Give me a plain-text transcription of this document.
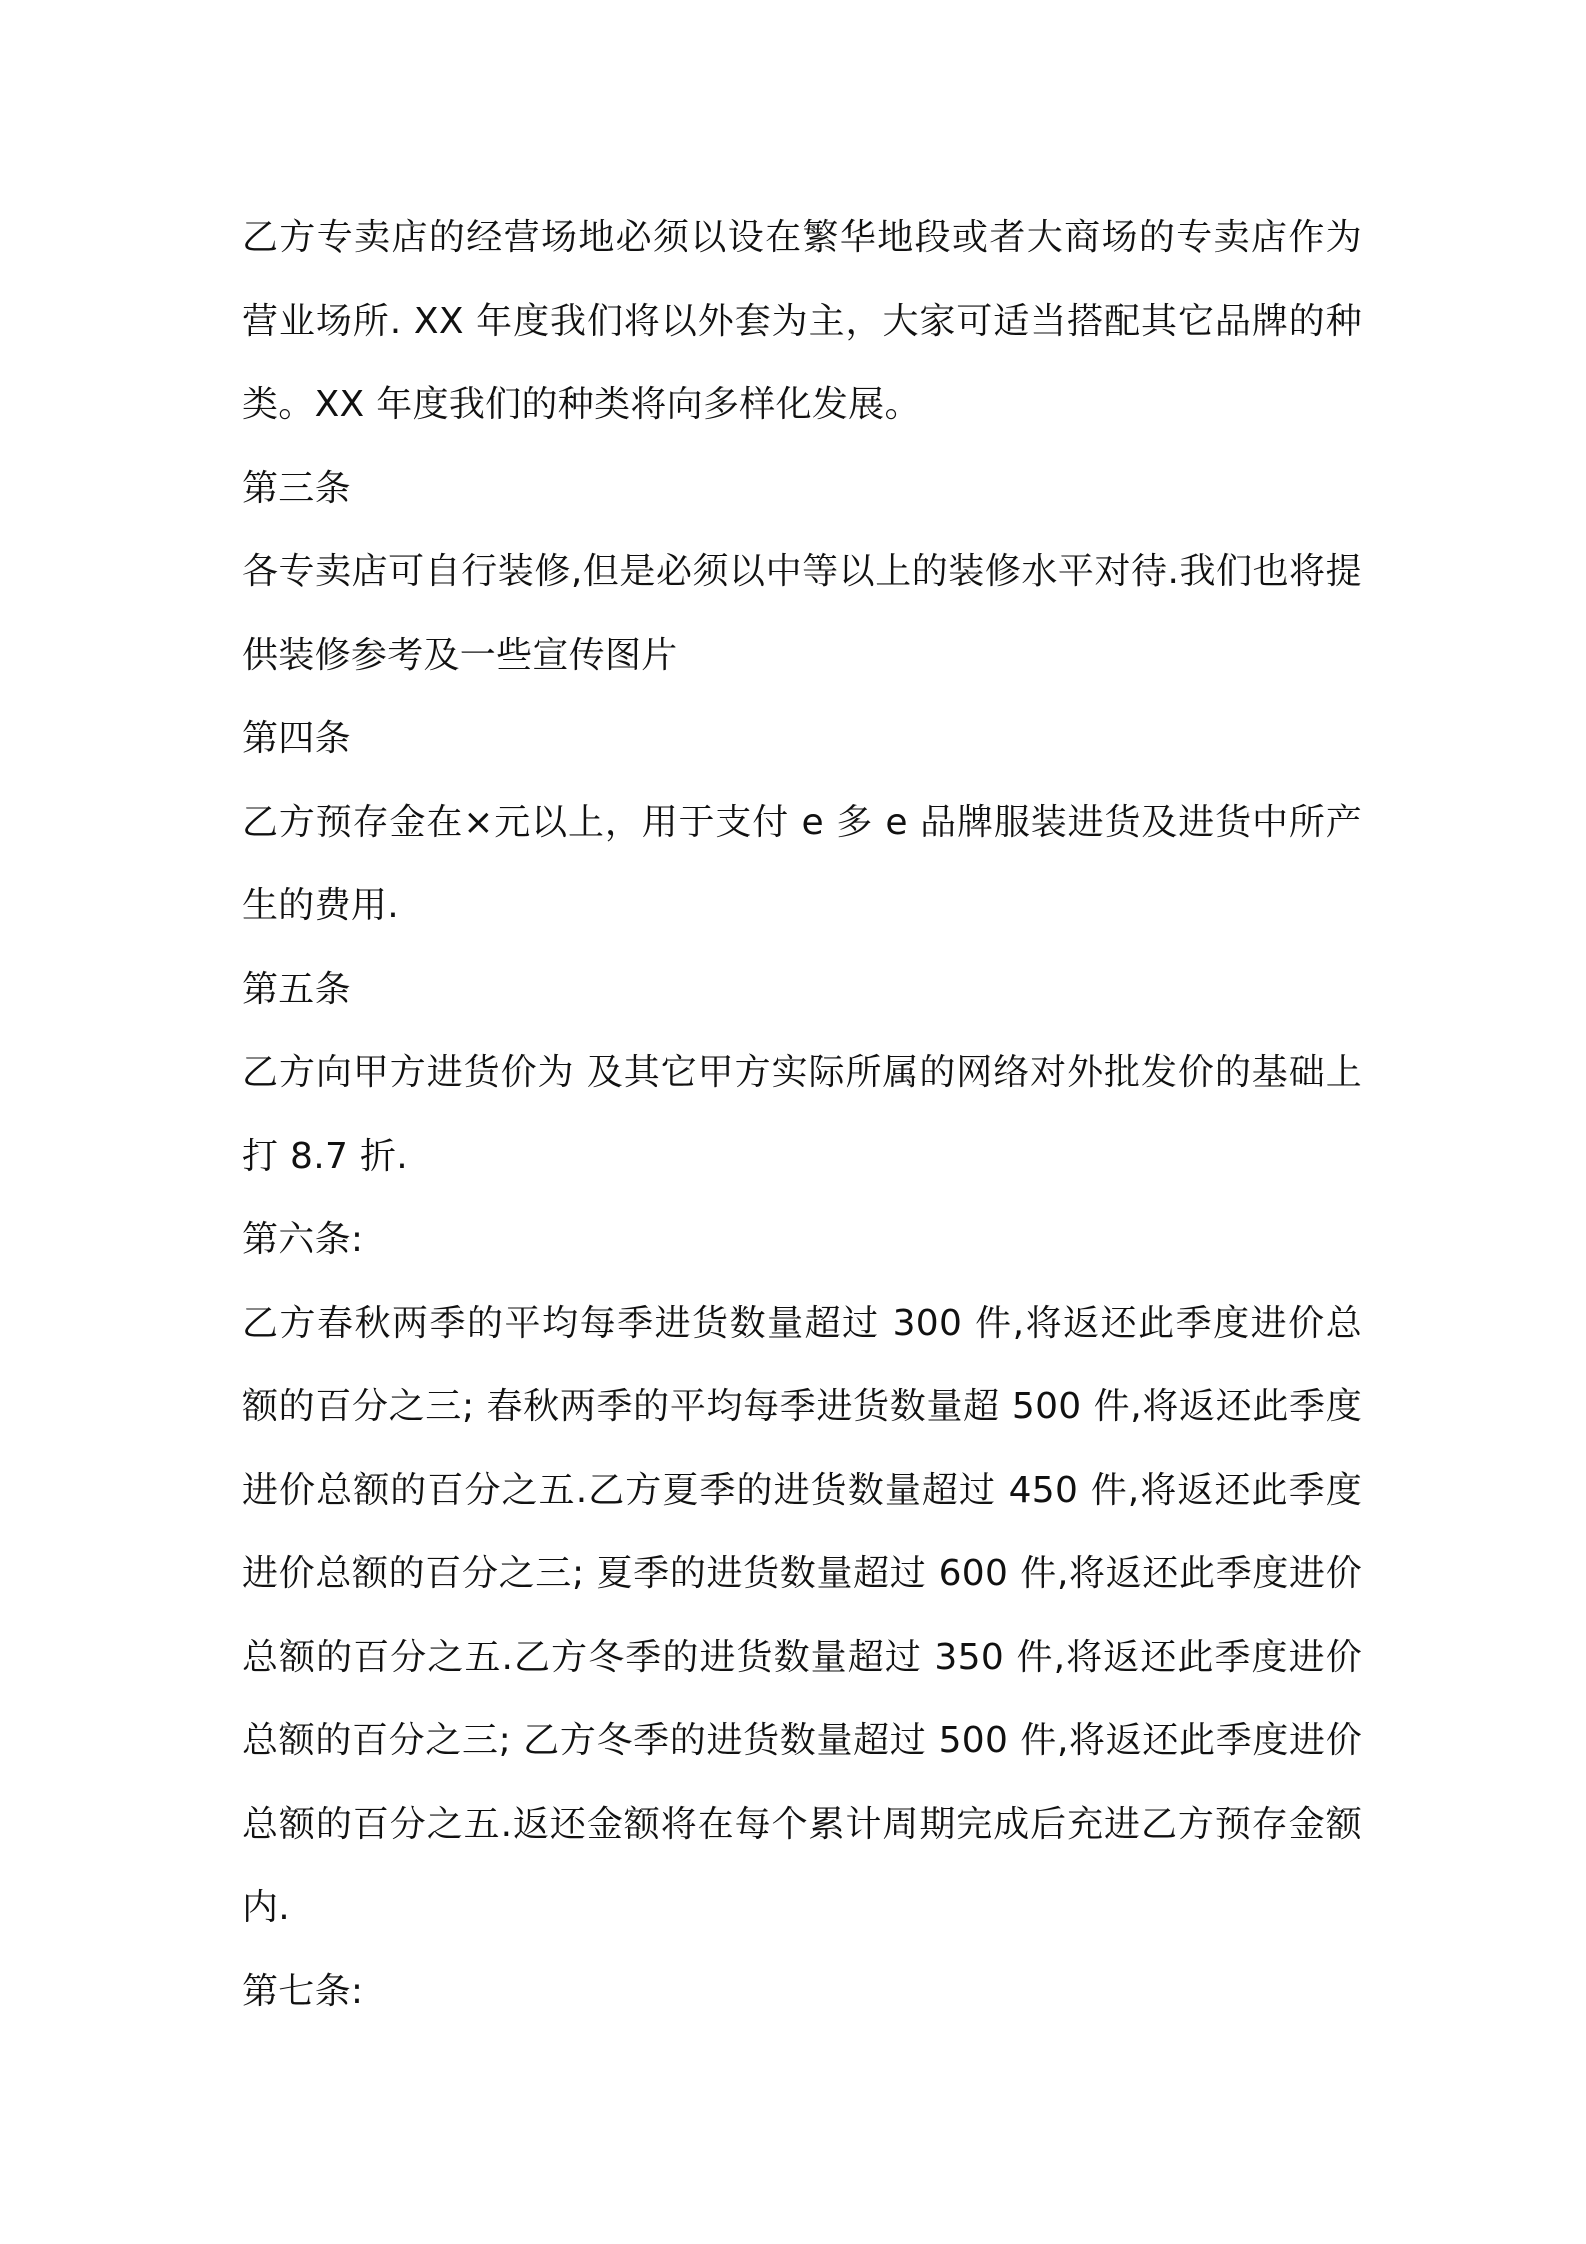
乙方专卖店的经营场地必须以设在繁华地段或者大商场的专卖店作为营业场所. XX 年度我们将以外套为主，大家可适当搭配其它品牌的种类。XX 年度我们的种类将向多样化发展。

第三条

各专卖店可自行装修,但是必须以中等以上的装修水平对待.我们也将提供装修参考及一些宣传图片

第四条

乙方预存金在×元以上，用于支付 e 多 e 品牌服装进货及进货中所产生的费用.

第五条

乙方向甲方进货价为 及其它甲方实际所属的网络对外批发价的基础上打 8.7 折.

第六条:

乙方春秋两季的平均每季进货数量超过 300 件,将返还此季度进价总额的百分之三; 春秋两季的平均每季进货数量超 500 件,将返还此季度进价总额的百分之五.乙方夏季的进货数量超过 450 件,将返还此季度进价总额的百分之三; 夏季的进货数量超过 600 件,将返还此季度进价总额的百分之五.乙方冬季的进货数量超过 350 件,将返还此季度进价总额的百分之三; 乙方冬季的进货数量超过 500 件,将返还此季度进价总额的百分之五.返还金额将在每个累计周期完成后充进乙方预存金额内.

第七条:
